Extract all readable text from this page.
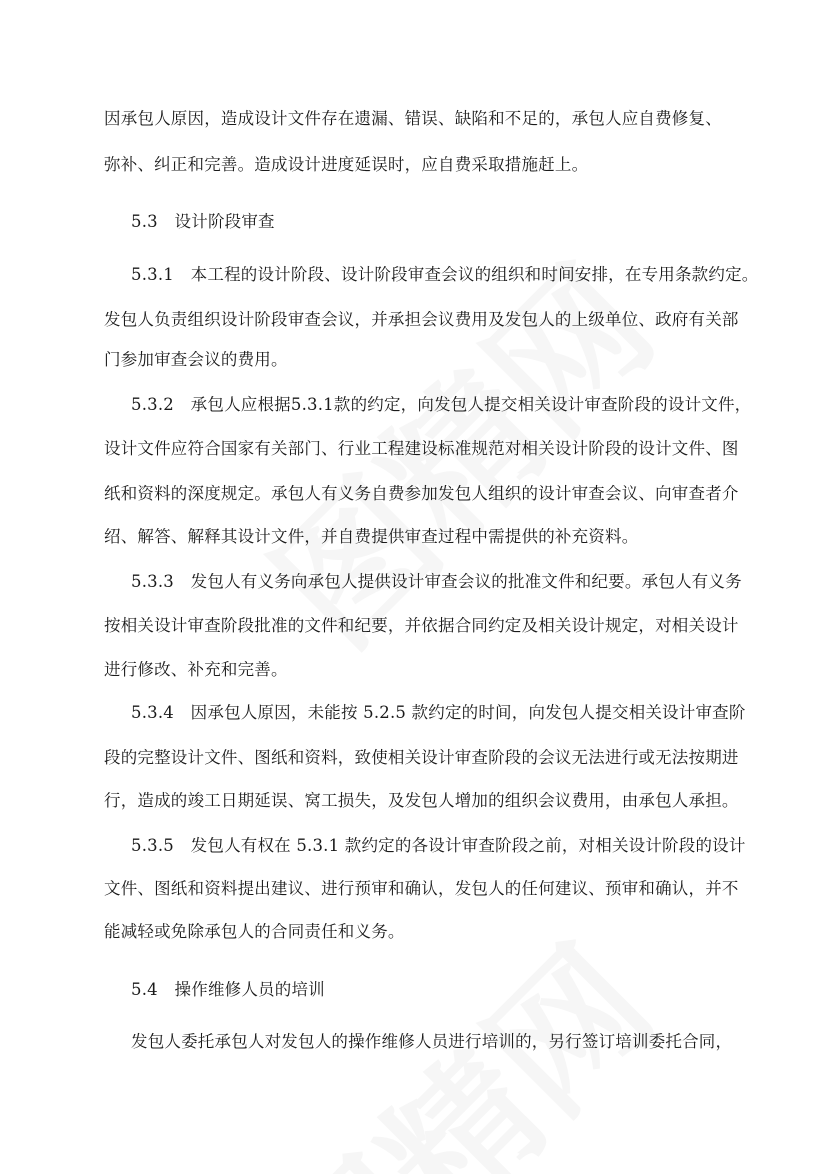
因承包人原因，造成设计文件存在遗漏、错误、缺陷和不足的，承包人应自费修复、
弥补、纠正和完善。造成设计进度延误时，应自费采取措施赶上。
5.3　设计阶段审查
5.3.1　本工程的设计阶段、设计阶段审查会议的组织和时间安排，在专用条款约定。
发包人负责组织设计阶段审查会议，并承担会议费用及发包人的上级单位、政府有关部
门参加审查会议的费用。
5.3.2　承包人应根据5.3.1款的约定，向发包人提交相关设计审查阶段的设计文件，
设计文件应符合国家有关部门、行业工程建设标准规范对相关设计阶段的设计文件、图
纸和资料的深度规定。承包人有义务自费参加发包人组织的设计审查会议、向审查者介
绍、解答、解释其设计文件，并自费提供审查过程中需提供的补充资料。
5.3.3　发包人有义务向承包人提供设计审查会议的批准文件和纪要。承包人有义务
按相关设计审查阶段批准的文件和纪要，并依据合同约定及相关设计规定，对相关设计
进行修改、补充和完善。
5.3.4　因承包人原因，未能按 5.2.5 款约定的时间，向发包人提交相关设计审查阶
段的完整设计文件、图纸和资料，致使相关设计审查阶段的会议无法进行或无法按期进
行，造成的竣工日期延误、窝工损失，及发包人增加的组织会议费用，由承包人承担。
5.3.5　发包人有权在 5.3.1 款约定的各设计审查阶段之前，对相关设计阶段的设计
文件、图纸和资料提出建议、进行预审和确认，发包人的任何建议、预审和确认，并不
能减轻或免除承包人的合同责任和义务。
5.4　操作维修人员的培训
发包人委托承包人对发包人的操作维修人员进行培训的，另行签订培训委托合同，
